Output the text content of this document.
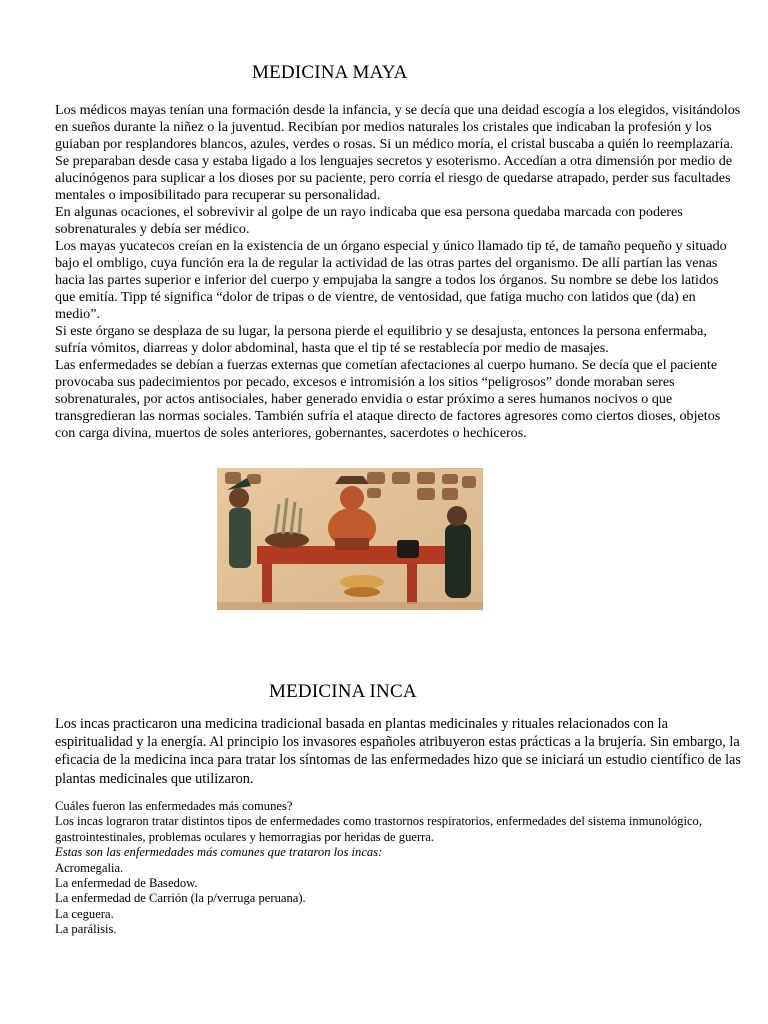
MEDICINA MAYA
Los médicos mayas tenían una formación desde la infancia, y se decía que una deidad escogía a los elegidos, visitándolos en sueños durante la niñez o la juventud. Recibían por medios naturales los cristales que indicaban la profesión y los guiaban por resplandores blancos, azules, verdes o rosas. Si un médico moría, el cristal buscaba a quién lo reemplazaría.
Se preparaban desde casa y estaba ligado a los lenguajes secretos y esoterismo. Accedían a otra dimensión por medio de alucinógenos para suplicar a los dioses por su paciente, pero corría el riesgo de quedarse atrapado, perder sus facultades mentales o imposibilitado para recuperar su personalidad.
En algunas ocaciones, el sobrevivir al golpe de un rayo indicaba que esa persona quedaba marcada con poderes sobrenaturales y debía ser médico.
Los mayas yucatecos creían en la existencia de un órgano especial y único llamado tip té, de tamaño pequeño y situado bajo el ombligo, cuya función era la de regular la actividad de las otras partes del organismo. De allí partían las venas hacia las partes superior e inferior del cuerpo y empujaba la sangre a todos los órganos. Su nombre se debe los latidos que emitía. Tipp té significa “dolor de tripas o de vientre, de ventosidad, que fatiga mucho con latidos que (da) en medio”.
Si este órgano se desplaza de su lugar, la persona pierde el equilibrio y se desajusta, entonces la persona enfermaba, sufría vómitos, diarreas y dolor abdominal, hasta que el tip té se restablecía por medio de masajes.
Las enfermedades se debían a fuerzas externas que cometían afectaciones al cuerpo humano. Se decía que el paciente provocaba sus padecimientos por pecado, excesos e intromisión a los sitios “peligrosos” donde moraban seres sobrenaturales, por actos antisociales, haber generado envidia o estar próximo a seres humanos nocivos o que transgredieran las normas sociales. También sufría el ataque directo de factores agresores como ciertos dioses, objetos con carga divina, muertos de soles anteriores, gobernantes, sacerdotes o hechiceros.
MEDICINA INCA

Los incas practicaron una medicina tradicional basada en plantas medicinales y rituales relacionados con la espiritualidad y la energía. Al principio los invasores españoles atribuyeron estas prácticas a la brujería. Sin embargo, la eficacia de la medicina inca para tratar los síntomas de las enfermedades hizo que se iniciará un estudio científico de las plantas medicinales que utilizaron.

Cuáles fueron las enfermedades más comunes?
Los incas lograron tratar distintos tipos de enfermedades como trastornos respiratorios, enfermedades del sistema inmunológico, gastrointestinales, problemas oculares y hemorragias por heridas de guerra.
Estas son las enfermedades más comunes que trataron los incas:
Acromegalia.
La enfermedad de Basedow.
La enfermedad de Carrión (la p/verruga peruana).
La ceguera.
La parálisis.
